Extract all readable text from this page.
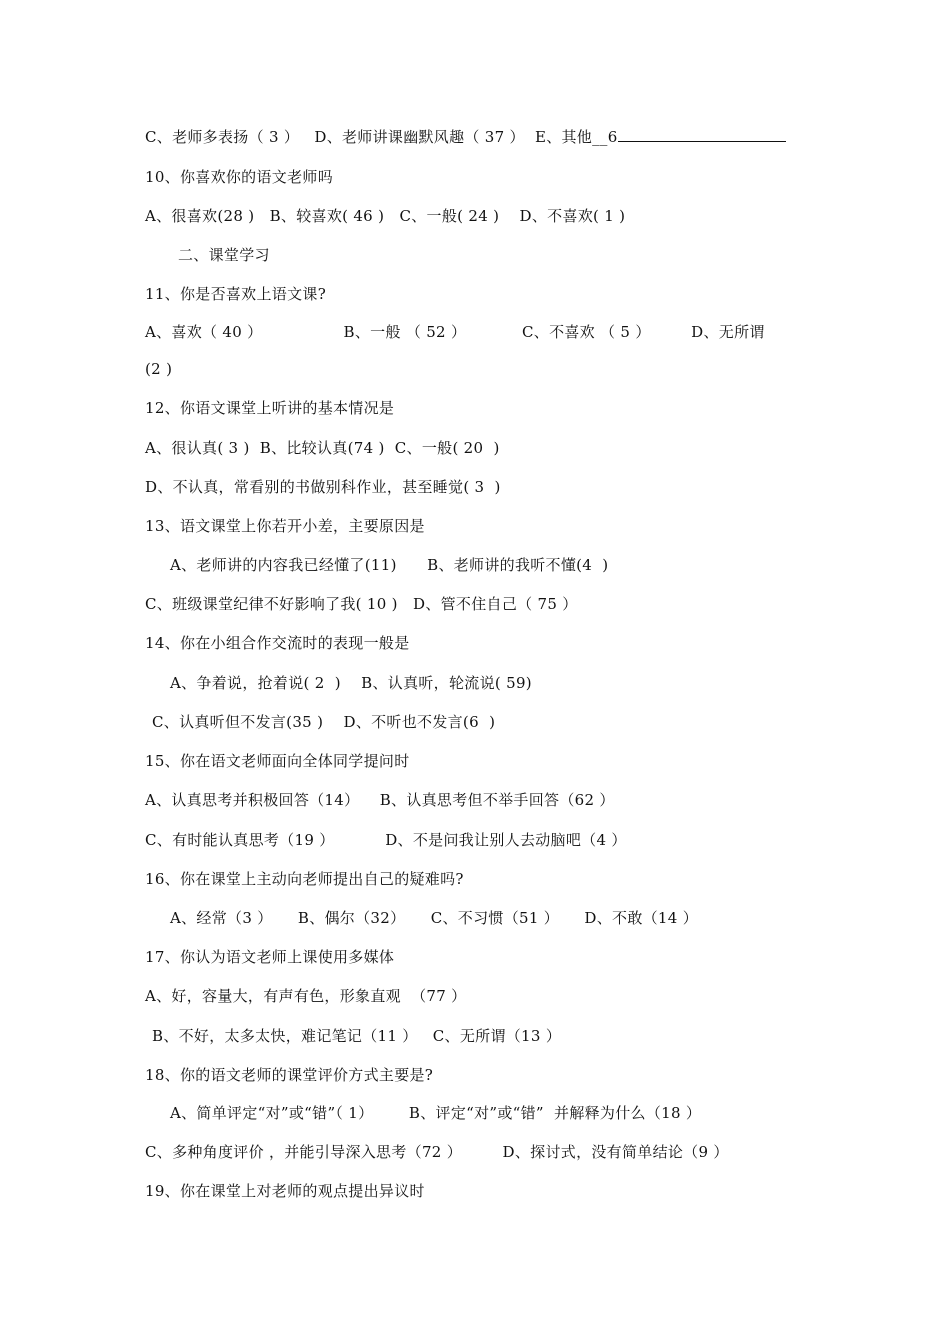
C、老师多表扬（ 3 ）   D、老师讲课幽默风趣（ 37 ）  E、其他__6
10、你喜欢你的语文老师吗
A、很喜欢(28 )   B、较喜欢( 46 )   C、一般( 24 )    D、不喜欢( 1 )
二、课堂学习
11、你是否喜欢上语文课?
A、喜欢（ 40 ）                B、一般 （ 52 ）           C、不喜欢 （ 5 ）        D、无所谓
(2 )
12、你语文课堂上听讲的基本情况是
A、很认真( 3 )  B、比较认真(74 )  C、一般( 20  )
D、不认真，常看别的书做别科作业，甚至睡觉( 3  )
13、语文课堂上你若开小差，主要原因是
A、老师讲的内容我已经懂了(11)      B、老师讲的我听不懂(4  )
C、班级课堂纪律不好影响了我( 10 )   D、管不住自己（ 75 ）
14、你在小组合作交流时的表现一般是
A、争着说，抢着说( 2  )    B、认真听，轮流说( 59)
C、认真听但不发言(35 )    D、不听也不发言(6  )
15、你在语文老师面向全体同学提问时
A、认真思考并积极回答（14）    B、认真思考但不举手回答（62 ）
C、有时能认真思考（19 ）          D、不是问我让别人去动脑吧（4 ）
16、你在课堂上主动向老师提出自己的疑难吗?
A、经常（3 ）     B、偶尔（32）     C、不习惯（51 ）     D、不敢（14 ）
17、你认为语文老师上课使用多媒体
A、好，容量大，有声有色，形象直观  （77 ）
B、不好，太多太快，难记笔记（11 ）   C、无所谓（13 ）
18、你的语文老师的课堂评价方式主要是?
A、简单评定“对”或“错”（ 1）       B、评定“对”或“错”  并解释为什么（18 ）
C、多种角度评价 ，并能引导深入思考（72 ）        D、探讨式，没有简单结论（9 ）
19、你在课堂上对老师的观点提出异议时
